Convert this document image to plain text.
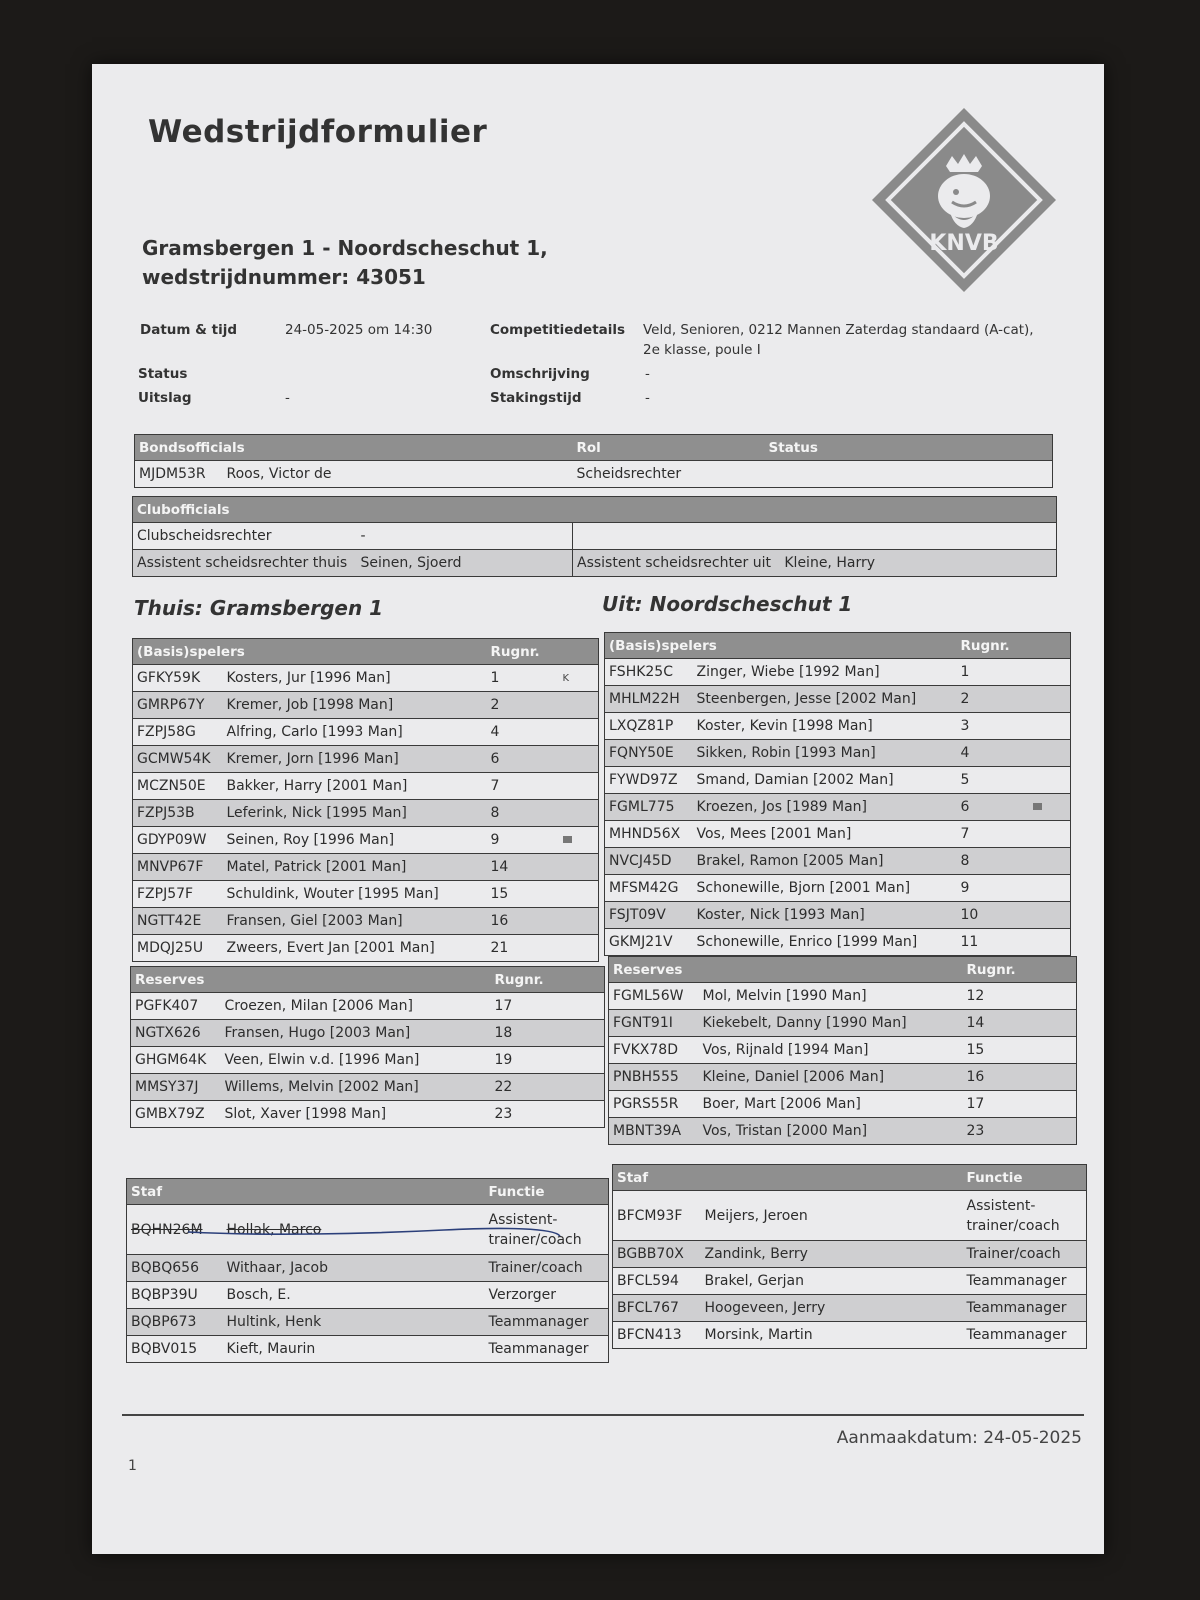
Wedstrijdformulier
Gramsbergen 1 - Noordscheschut 1,
wedstrijdnummer: 43051
KNVB
Datum & tijd	24-05-2025 om 14:30	Competitiedetails Veld, Senioren, 0212 Mannen Zaterdag standaard (A-cat),
2e klasse, poule I
Status	Omschrijving	-
Uitslag	-	Stakingstijd	-
Bondsofficials		Rol	Status
MJDM53R	Roos, Victor de	Scheidsrechter	
Clubofficials		
Clubscheidsrechter	-	
Assistent scheidsrechter thuis	Seinen, Sjoerd	Assistent scheidsrechter uit Kleine, Harry
Thuis: Gramsbergen 1	Uit: Noordscheschut 1
(Basis)spelers		Rugnr.	
GFKY59K	Kosters, Jur [1996 Man]	1	K
GMRP67Y	Kremer, Job [1998 Man]	2	
FZPJ58G	Alfring, Carlo [1993 Man]	4	
GCMW54K	Kremer, Jorn [1996 Man]	6	
MCZN50E	Bakker, Harry [2001 Man]	7	
FZPJ53B	Leferink, Nick [1995 Man]	8	
GDYP09W	Seinen, Roy [1996 Man]	9	
MNVP67F	Matel, Patrick [2001 Man]	14	
FZPJ57F	Schuldink, Wouter [1995 Man]	15	
NGTT42E	Fransen, Giel [2003 Man]	16	
MDQJ25U	Zweers, Evert Jan [2001 Man]	21	
(Basis)spelers		Rugnr.	
FSHK25C	Zinger, Wiebe [1992 Man]	1	
MHLM22H	Steenbergen, Jesse [2002 Man]	2	
LXQZ81P	Koster, Kevin [1998 Man]	3	
FQNY50E	Sikken, Robin [1993 Man]	4	
FYWD97Z	Smand, Damian [2002 Man]	5	
FGML775	Kroezen, Jos [1989 Man]	6	
MHND56X	Vos, Mees [2001 Man]	7	
NVCJ45D	Brakel, Ramon [2005 Man]	8	
MFSM42G	Schonewille, Bjorn [2001 Man]	9	
FSJT09V	Koster, Nick [1993 Man]	10	
GKMJ21V	Schonewille, Enrico [1999 Man]	11	
Reserves		Rugnr.
PGFK407	Croezen, Milan [2006 Man]	17
NGTX626	Fransen, Hugo [2003 Man]	18
GHGM64K	Veen, Elwin v.d. [1996 Man]	19
MMSY37J	Willems, Melvin [2002 Man]	22
GMBX79Z	Slot, Xaver [1998 Man]	23
Reserves		Rugnr.
FGML56W	Mol, Melvin [1990 Man]	12
FGNT91I	Kiekebelt, Danny [1990 Man]	14
FVKX78D	Vos, Rijnald [1994 Man]	15
PNBH555	Kleine, Daniel [2006 Man]	16
PGRS55R	Boer, Mart [2006 Man]	17
MBNT39A	Vos, Tristan [2000 Man]	23
Staf		Functie
BQHN26M	Hollak, Marco	Assistent-trainer/coach
BQBQ656	Withaar, Jacob	Trainer/coach
BQBP39U	Bosch, E.	Verzorger
BQBP673	Hultink, Henk	Teammanager
BQBV015	Kieft, Maurin	Teammanager
Staf		Functie
BFCM93F	Meijers, Jeroen	Assistent-trainer/coach
BGBB70X	Zandink, Berry	Trainer/coach
BFCL594	Brakel, Gerjan	Teammanager
BFCL767	Hoogeveen, Jerry	Teammanager
BFCN413	Morsink, Martin	Teammanager
Aanmaakdatum: 24-05-2025
1
